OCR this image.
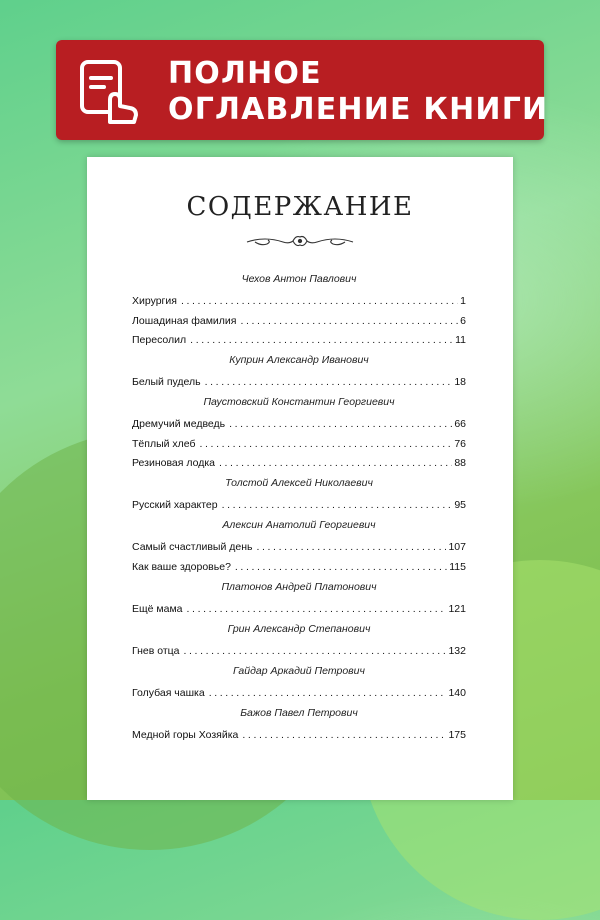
ПОЛНОЕ
ОГЛАВЛЕНИЕ КНИГИ
СОДЕРЖАНИЕ
Чехов Антон Павлович
Хирургия .....	1
Лошадиная фамилия .....	6
Пересолил .....	11
Куприн Александр Иванович
Белый пудель .....	18
Паустовский Константин Георгиевич
Дремучий медведь .....	66
Тёплый хлеб .....	76
Резиновая лодка .....	88
Толстой Алексей Николаевич
Русский характер .....	95
Алексин Анатолий Георгиевич
Самый счастливый день .....	107
Как ваше здоровье? .....	115
Платонов Андрей Платонович
Ещё мама .....	121
Грин Александр Степанович
Гнев отца .....	132
Гайдар Аркадий Петрович
Голубая чашка .....	140
Бажов Павел Петрович
Медной горы Хозяйка .....	175
